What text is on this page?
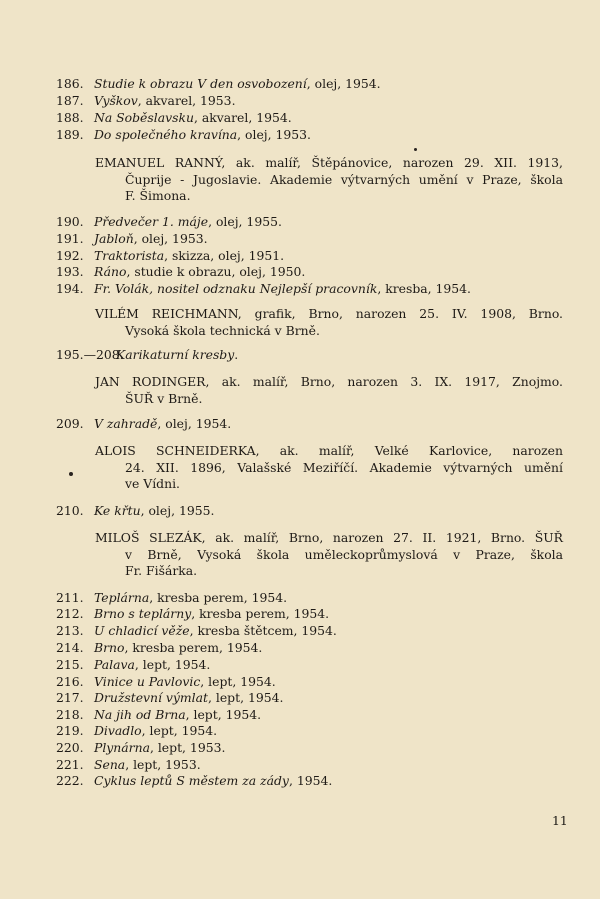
186. Studie k obrazu V den osvobození, olej, 1954.
187. Vyškov, akvarel, 1953.
188. Na Soběslavsku, akvarel, 1954.
189. Do společného kravína, olej, 1953.
EMANUEL RANNÝ, ak. malíř, Štěpánovice, narozen 29. XII. 1913,
Čuprije - Jugoslavie. Akademie výtvarných umění v Praze, škola
F. Šimona.
190. Předvečer 1. máje, olej, 1955.
191. Jabloň, olej, 1953.
192. Traktorista, skizza, olej, 1951.
193. Ráno, studie k obrazu, olej, 1950.
194. Fr. Volák, nositel odznaku Nejlepší pracovník, kresba, 1954.
VILÉM REICHMANN, grafik, Brno, narozen 25. IV. 1908, Brno.
Vysoká škola technická v Brně.
195.—208.Karikaturní kresby.
JAN RODINGER, ak. malíř, Brno, narozen 3. IX. 1917, Znojmo.
ŠUŘ v Brně.
209. V zahradě, olej, 1954.
ALOIS SCHNEIDERKA, ak. malíř, Velké Karlovice, narozen
24. XII. 1896, Valašské Meziříčí. Akademie výtvarných umění
ve Vídni.
210. Ke křtu, olej, 1955.
MILOŠ SLEZÁK, ak. malíř, Brno, narozen 27. II. 1921, Brno. ŠUŘ
v Brně, Vysoká škola uměleckoprůmyslová v Praze, škola
Fr. Fišárka.
211. Teplárna, kresba perem, 1954.
212. Brno s teplárny, kresba perem, 1954.
213. U chladicí věže, kresba štětcem, 1954.
214. Brno, kresba perem, 1954.
215. Palava, lept, 1954.
216. Vinice u Pavlovic, lept, 1954.
217. Družstevní výmlat, lept, 1954.
218. Na jih od Brna, lept, 1954.
219. Divadlo, lept, 1954.
220. Plynárna, lept, 1953.
221. Sena, lept, 1953.
222. Cyklus leptů S městem za zády, 1954.
11
